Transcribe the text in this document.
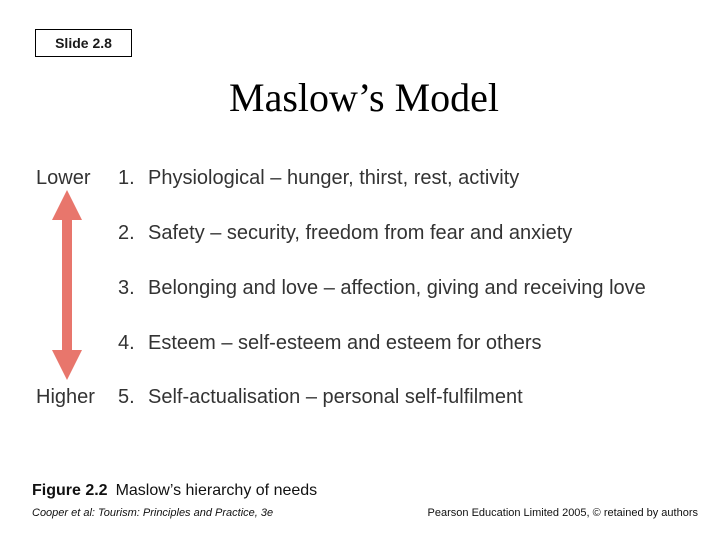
Slide 2.8
Maslow’s Model
Lower
Higher
1. Physiological – hunger, thirst, rest, activity
2. Safety – security, freedom from fear and anxiety
3. Belonging and love – affection, giving and receiving love
4. Esteem – self-esteem and esteem for others
5. Self-actualisation – personal self-fulfilment
Figure 2.2 Maslow’s hierarchy of needs
Cooper et al: Tourism: Principles and Practice, 3e	Pearson Education Limited 2005, © retained by authors
